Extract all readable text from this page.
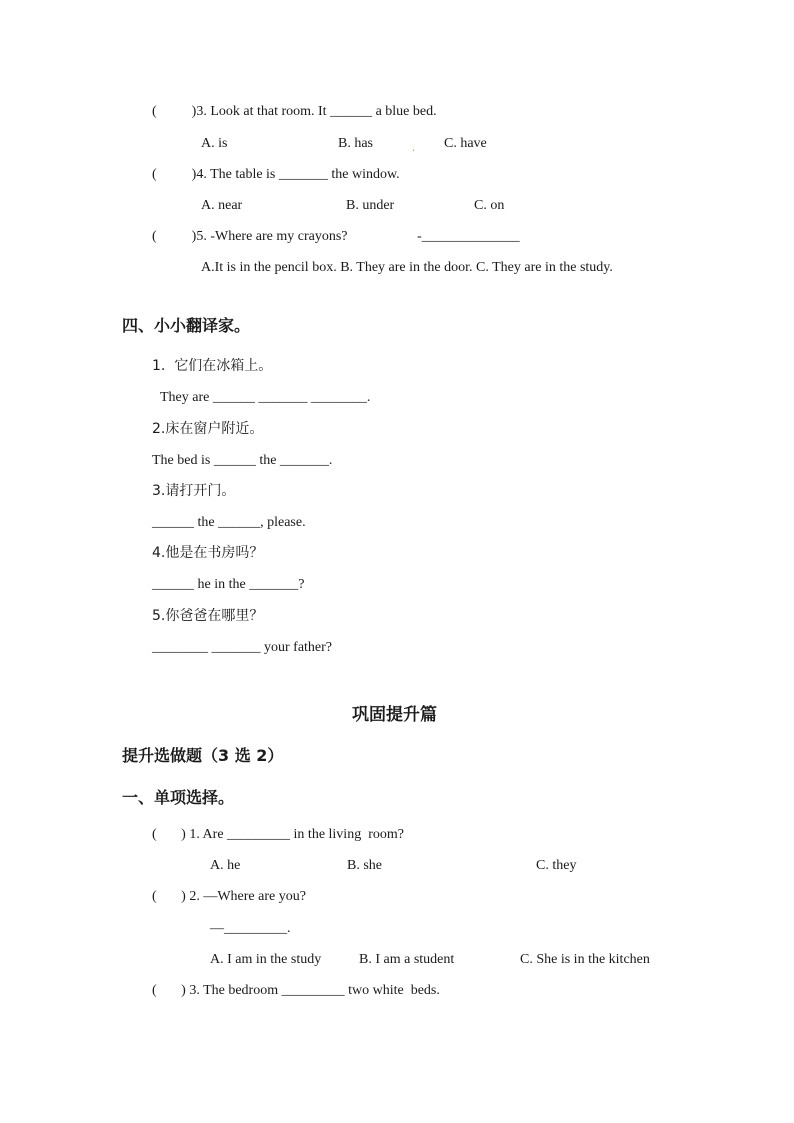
(          )3. Look at that room. It ______ a blue bed.
A. is	B. has	. C. have
(          )4. The table is _______ the window.
A. near	B. under	C. on
(          )5. -Where are my crayons?	-______________
A.It is in the pencil box. B. They are in the door. C. They are in the study.
四、小小翻译家。
1.  它们在冰箱上。
They are ______ _______ ________.
2.床在窗户附近。
The bed is ______ the _______.
3.请打开门。
______ the ______, please.
4.他是在书房吗？
______ he in the _______?
5.你爸爸在哪里？
________ _______ your father?
巩固提升篇
提升选做题（3 选 2）
一、单项选择。
(       ) 1. Are _________ in the living  room?
A. he	B. she	C. they
(       ) 2. —Where are you?
—_________.
A. I am in the study	B. I am a student	C. She is in the kitchen
(       ) 3. The bedroom _________ two white  beds.
